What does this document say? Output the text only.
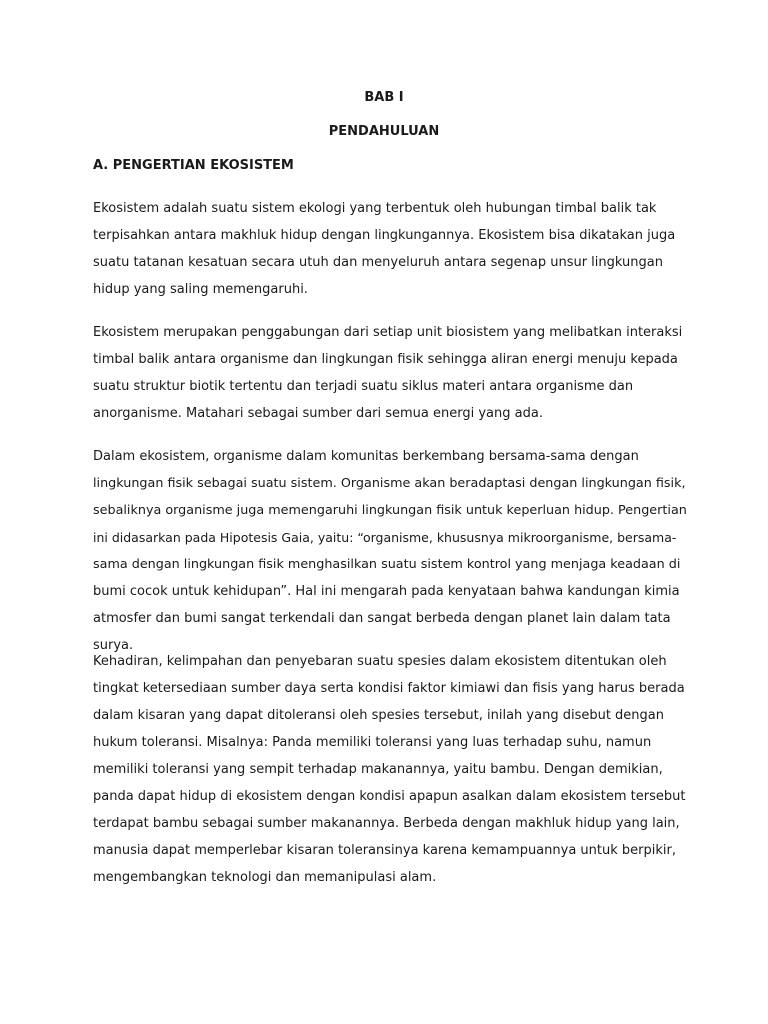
BAB I
PENDAHULUAN
A. PENGERTIAN EKOSISTEM

Ekosistem adalah suatu sistem ekologi yang terbentuk oleh hubungan timbal balik tak
terpisahkan antara makhluk hidup dengan lingkungannya. Ekosistem bisa dikatakan juga
suatu tatanan kesatuan secara utuh dan menyeluruh antara segenap unsur lingkungan
hidup yang saling memengaruhi.

Ekosistem merupakan penggabungan dari setiap unit biosistem yang melibatkan interaksi
timbal balik antara organisme dan lingkungan fisik sehingga aliran energi menuju kepada
suatu struktur biotik tertentu dan terjadi suatu siklus materi antara organisme dan
anorganisme. Matahari sebagai sumber dari semua energi yang ada.

Dalam ekosistem, organisme dalam komunitas berkembang bersama-sama dengan
lingkungan fisik sebagai suatu sistem. Organisme akan beradaptasi dengan lingkungan fisik,
sebaliknya organisme juga memengaruhi lingkungan fisik untuk keperluan hidup. Pengertian
ini didasarkan pada Hipotesis Gaia, yaitu: “organisme, khususnya mikroorganisme, bersama-
sama dengan lingkungan fisik menghasilkan suatu sistem kontrol yang menjaga keadaan di
bumi cocok untuk kehidupan”. Hal ini mengarah pada kenyataan bahwa kandungan kimia
atmosfer dan bumi sangat terkendali dan sangat berbeda dengan planet lain dalam tata
surya.

Kehadiran, kelimpahan dan penyebaran suatu spesies dalam ekosistem ditentukan oleh
tingkat ketersediaan sumber daya serta kondisi faktor kimiawi dan fisis yang harus berada
dalam kisaran yang dapat ditoleransi oleh spesies tersebut, inilah yang disebut dengan
hukum toleransi. Misalnya: Panda memiliki toleransi yang luas terhadap suhu, namun
memiliki toleransi yang sempit terhadap makanannya, yaitu bambu. Dengan demikian,
panda dapat hidup di ekosistem dengan kondisi apapun asalkan dalam ekosistem tersebut
terdapat bambu sebagai sumber makanannya. Berbeda dengan makhluk hidup yang lain,
manusia dapat memperlebar kisaran toleransinya karena kemampuannya untuk berpikir,
mengembangkan teknologi dan memanipulasi alam.
